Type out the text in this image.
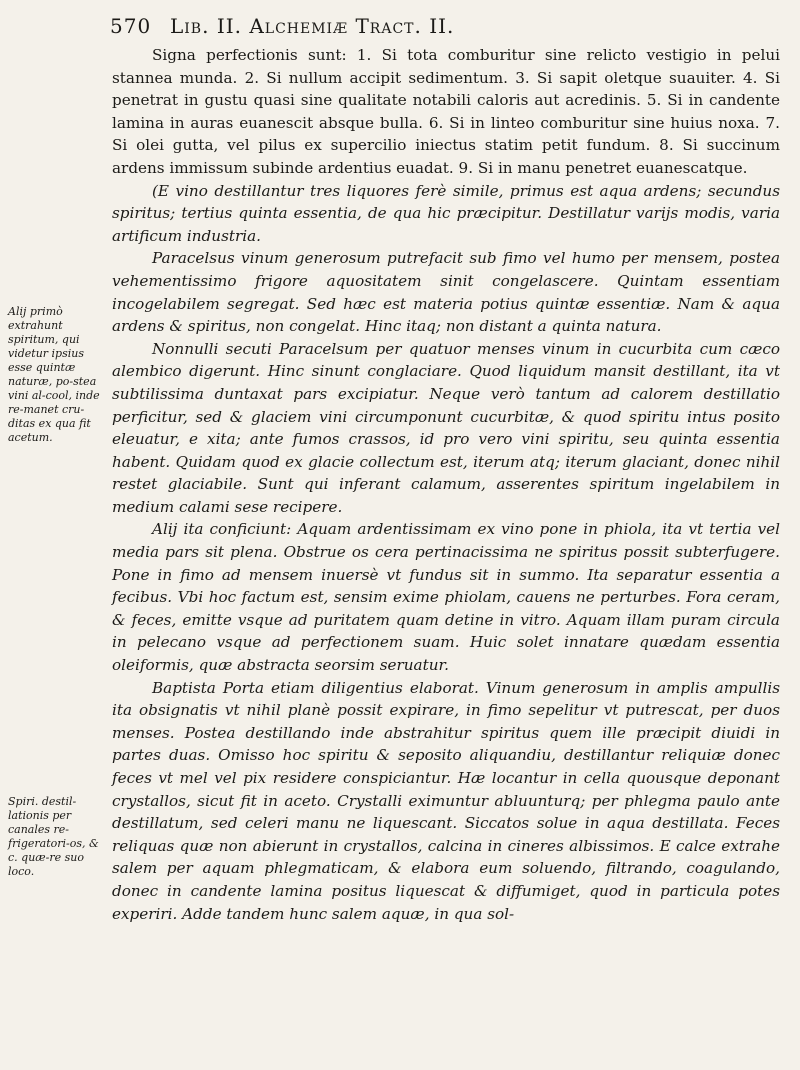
570 Lib. II. Alchemiæ Tract. II.
Alij primò extrahunt spiritum, qui videtur ipsius esse quintæ naturæ, po-stea vini al-cool, inde re-manet cru-ditas ex qua fit acetum.
Spiri. destil-lationis per canales re-frigeratori-os, & c. quæ-re suo loco.

Signa perfectionis sunt: 1. Si tota comburitur sine relicto vestigio in pelui stannea munda. 2. Si nullum accipit sedimentum. 3. Si sapit oletque suauiter. 4. Si penetrat in gustu quasi sine qualitate notabili caloris aut acredinis. 5. Si in candente lamina in auras euanescit absque bulla. 6. Si in linteo comburitur sine huius noxa. 7. Si olei gutta, vel pilus ex supercilio iniectus statim petit fundum. 8. Si succinum ardens immissum subinde ardentius euadat. 9. Si in manu penetret euanescatque.

(E vino destillantur tres liquores ferè simile, primus est aqua ardens; secundus spiritus; tertius quinta essentia, de qua hic præcipitur. Destillatur varijs modis, varia artificum industria.

Paracelsus vinum generosum putrefacit sub fimo vel humo per mensem, postea vehementissimo frigore aquositatem sinit congelascere. Quintam essentiam incogelabilem segregat. Sed hæc est materia potius quintæ essentiæ. Nam & aqua ardens & spiritus, non congelat. Hinc itaq; non distant a quinta natura.

Nonnulli secuti Paracelsum per quatuor menses vinum in cucurbita cum cæco alembico digerunt. Hinc sinunt conglaciare. Quod liquidum mansit destillant, ita vt subtilissima duntaxat pars excipiatur. Neque verò tantum ad calorem destillatio perficitur, sed & glaciem vini circumponunt cucurbitæ, & quod spiritu intus posito eleuatur, e xita; ante fumos crassos, id pro vero vini spiritu, seu quinta essentia habent. Quidam quod ex glacie collectum est, iterum atq; iterum glaciant, donec nihil restet glaciabile. Sunt qui inferant calamum, asserentes spiritum ingelabilem in medium calami sese recipere.

Alij ita conficiunt: Aquam ardentissimam ex vino pone in phiola, ita vt tertia vel media pars sit plena. Obstrue os cera pertinacissima ne spiritus possit subterfugere. Pone in fimo ad mensem inuersè vt fundus sit in summo. Ita separatur essentia a fecibus. Vbi hoc factum est, sensim exime phiolam, cauens ne perturbes. Fora ceram, & feces, emitte vsque ad puritatem quam detine in vitro. Aquam illam puram circula in pelecano vsque ad perfectionem suam. Huic solet innatare quædam essentia oleiformis, quæ abstracta seorsim seruatur.

Baptista Porta etiam diligentius elaborat. Vinum generosum in amplis ampullis ita obsignatis vt nihil planè possit expirare, in fimo sepelitur vt putrescat, per duos menses. Postea destillando inde abstrahitur spiritus quem ille præcipit diuidi in partes duas. Omisso hoc spiritu & seposito aliquandiu, destillantur reliquiæ donec feces vt mel vel pix residere conspiciantur. Hæ locantur in cella quousque deponant crystallos, sicut fit in aceto. Crystalli eximuntur abluunturq; per phlegma paulo ante destillatum, sed celeri manu ne liquescant. Siccatos solue in aqua destillata. Feces reliquas quæ non abierunt in crystallos, calcina in cineres albissimos. E calce extrahe salem per aquam phlegmaticam, & elabora eum soluendo, filtrando, coagulando, donec in candente lamina positus liquescat & diffumiget, quod in particula potes experiri. Adde tandem hunc salem aquæ, in qua sol-
